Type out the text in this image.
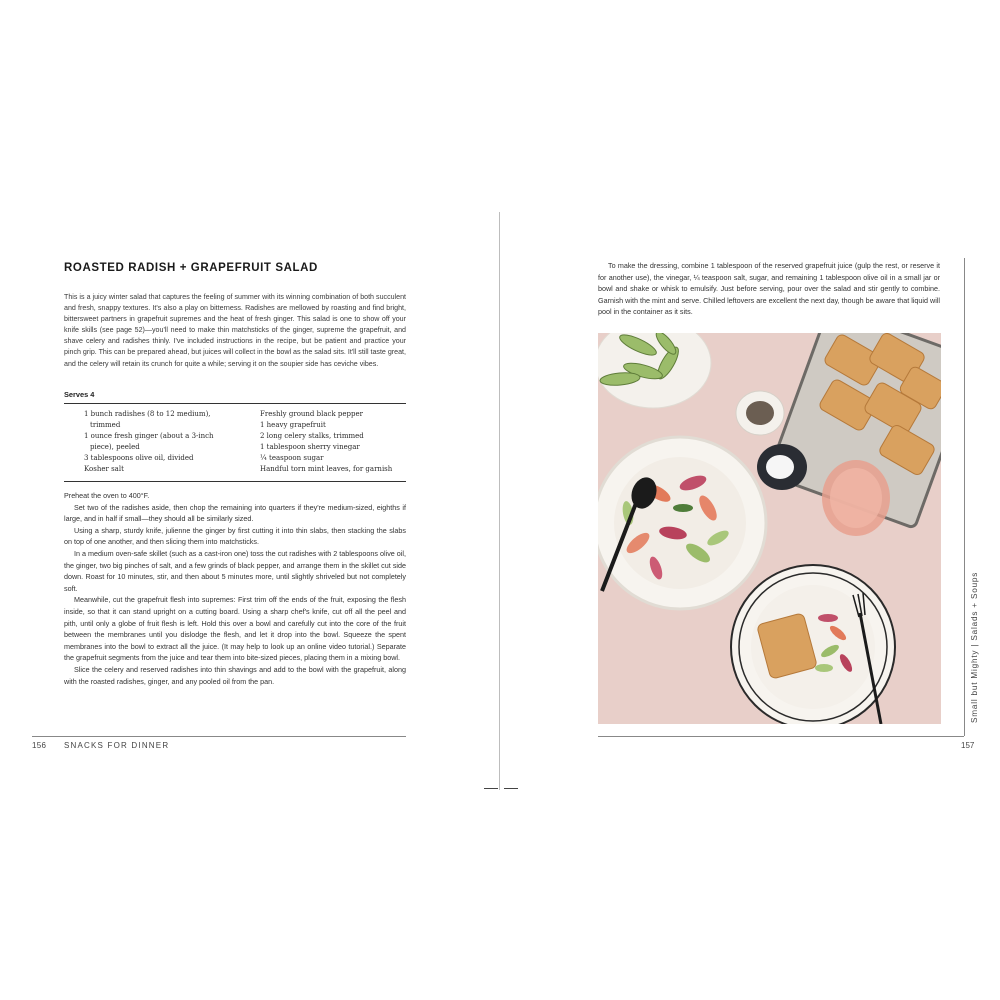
ROASTED RADISH + GRAPEFRUIT SALAD
This is a juicy winter salad that captures the feeling of summer with its winning combination of both succulent and fresh, snappy textures. It's also a play on bitterness. Radishes are mellowed by roasting and find bright, bittersweet partners in grapefruit supremes and the heat of fresh ginger. This salad is one to show off your knife skills (see page 52)—you'll need to make thin matchsticks of the ginger, supreme the grapefruit, and shave celery and radishes thinly. I've included instructions in the recipe, but be patient and practice your pinch grip. This can be prepared ahead, but juices will collect in the bowl as the salad sits. It'll still taste great, and the celery will retain its crunch for quite a while; serving it on the soupier side has ceviche vibes.
Serves 4
1 bunch radishes (8 to 12 medium),
trimmed
1 ounce fresh ginger (about a 3-inch
piece), peeled
3 tablespoons olive oil, divided
Kosher salt
Freshly ground black pepper
1 heavy grapefruit
2 long celery stalks, trimmed
1 tablespoon sherry vinegar
¼ teaspoon sugar
Handful torn mint leaves, for garnish

Preheat the oven to 400°F.

Set two of the radishes aside, then chop the remaining into quarters if they're medium-sized, eighths if large, and in half if small—they should all be similarly sized.

Using a sharp, sturdy knife, julienne the ginger by first cutting it into thin slabs, then stacking the slabs on top of one another, and then slicing them into matchsticks.

In a medium oven-safe skillet (such as a cast-iron one) toss the cut radishes with 2 tablespoons olive oil, the ginger, two big pinches of salt, and a few grinds of black pepper, and arrange them in the skillet cut side down. Roast for 10 minutes, stir, and then about 5 minutes more, until slightly shriveled but not completely soft.

Meanwhile, cut the grapefruit flesh into supremes: First trim off the ends of the fruit, exposing the flesh inside, so that it can stand upright on a cutting board. Using a sharp chef's knife, cut off all the peel and pith, until only a globe of fruit flesh is left. Hold this over a bowl and carefully cut into the core of the fruit between the membranes until you dislodge the flesh, and let it drop into the bowl. Squeeze the spent membranes into the bowl to extract all the juice. (It may help to look up an online video tutorial.) Separate the grapefruit segments from the juice and tear them into bite-sized pieces, placing them in a mixing bowl.

Slice the celery and reserved radishes into thin shavings and add to the bowl with the grapefruit, along with the roasted radishes, ginger, and any pooled oil from the pan.

156 SNACKS FOR DINNER
To make the dressing, combine 1 tablespoon of the reserved grapefruit juice (gulp the rest, or reserve it for another use), the vinegar, ¼ teaspoon salt, sugar, and remaining 1 tablespoon olive oil in a small jar or bowl and shake or whisk to emulsify. Just before serving, pour over the salad and stir gently to combine. Garnish with the mint and serve. Chilled leftovers are excellent the next day, though be aware that liquid will pool in the container as it sits.
Small but Mighty | Salads + Soups
157
